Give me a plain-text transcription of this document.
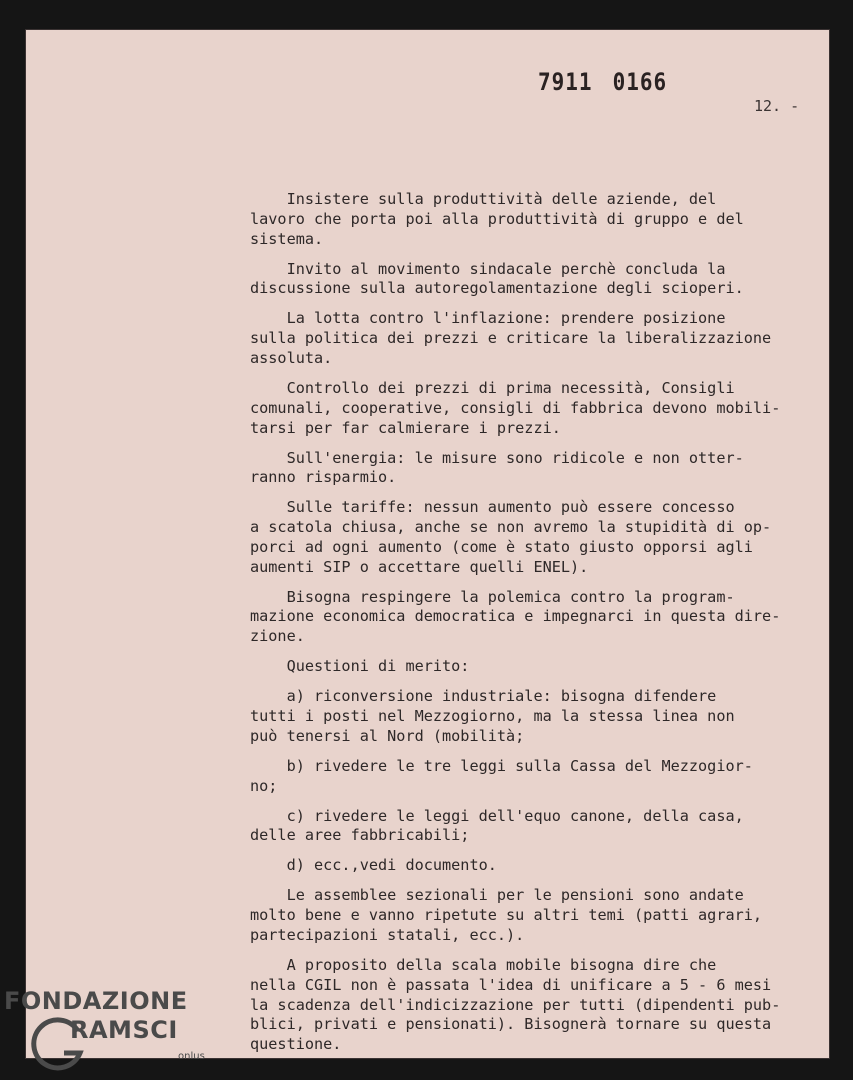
7911 0166
12. -
Insistere sulla produttività delle aziende, del
lavoro che porta poi alla produttività di gruppo e del
sistema.
Invito al movimento sindacale perchè concluda la
discussione sulla autoregolamentazione degli scioperi.
La lotta contro l'inflazione: prendere posizione
sulla politica dei prezzi e criticare la liberalizzazione
assoluta.
Controllo dei prezzi di prima necessità, Consigli
comunali, cooperative, consigli di fabbrica devono mobili-
tarsi per far calmierare i prezzi.
Sull'energia: le misure sono ridicole e non otter-
ranno risparmio.
Sulle tariffe: nessun aumento può essere concesso
a scatola chiusa, anche se non avremo la stupidità di op-
porci ad ogni aumento (come è stato giusto opporsi agli
aumenti SIP o accettare quelli ENEL).
Bisogna respingere la polemica contro la program-
mazione economica democratica e impegnarci in questa dire-
zione.
Questioni di merito:
a) riconversione industriale: bisogna difendere
tutti i posti nel Mezzogiorno, ma la stessa linea non
può tenersi al Nord (mobilità;
b) rivedere le tre leggi sulla Cassa del Mezzogior-
no;
c) rivedere le leggi dell'equo canone, della casa,
delle aree fabbricabili;
d) ecc.,vedi documento.
Le assemblee sezionali per le pensioni sono andate
molto bene e vanno ripetute su altri temi (patti agrari,
partecipazioni statali, ecc.).
A proposito della scala mobile bisogna dire che
nella CGIL non è passata l'idea di unificare a 5 - 6 mesi
la scadenza dell'indicizzazione per tutti (dipendenti pub-
blici, privati e pensionati). Bisognerà tornare su questa
questione.
FONDAZIONE
RAMSCI
onlus
